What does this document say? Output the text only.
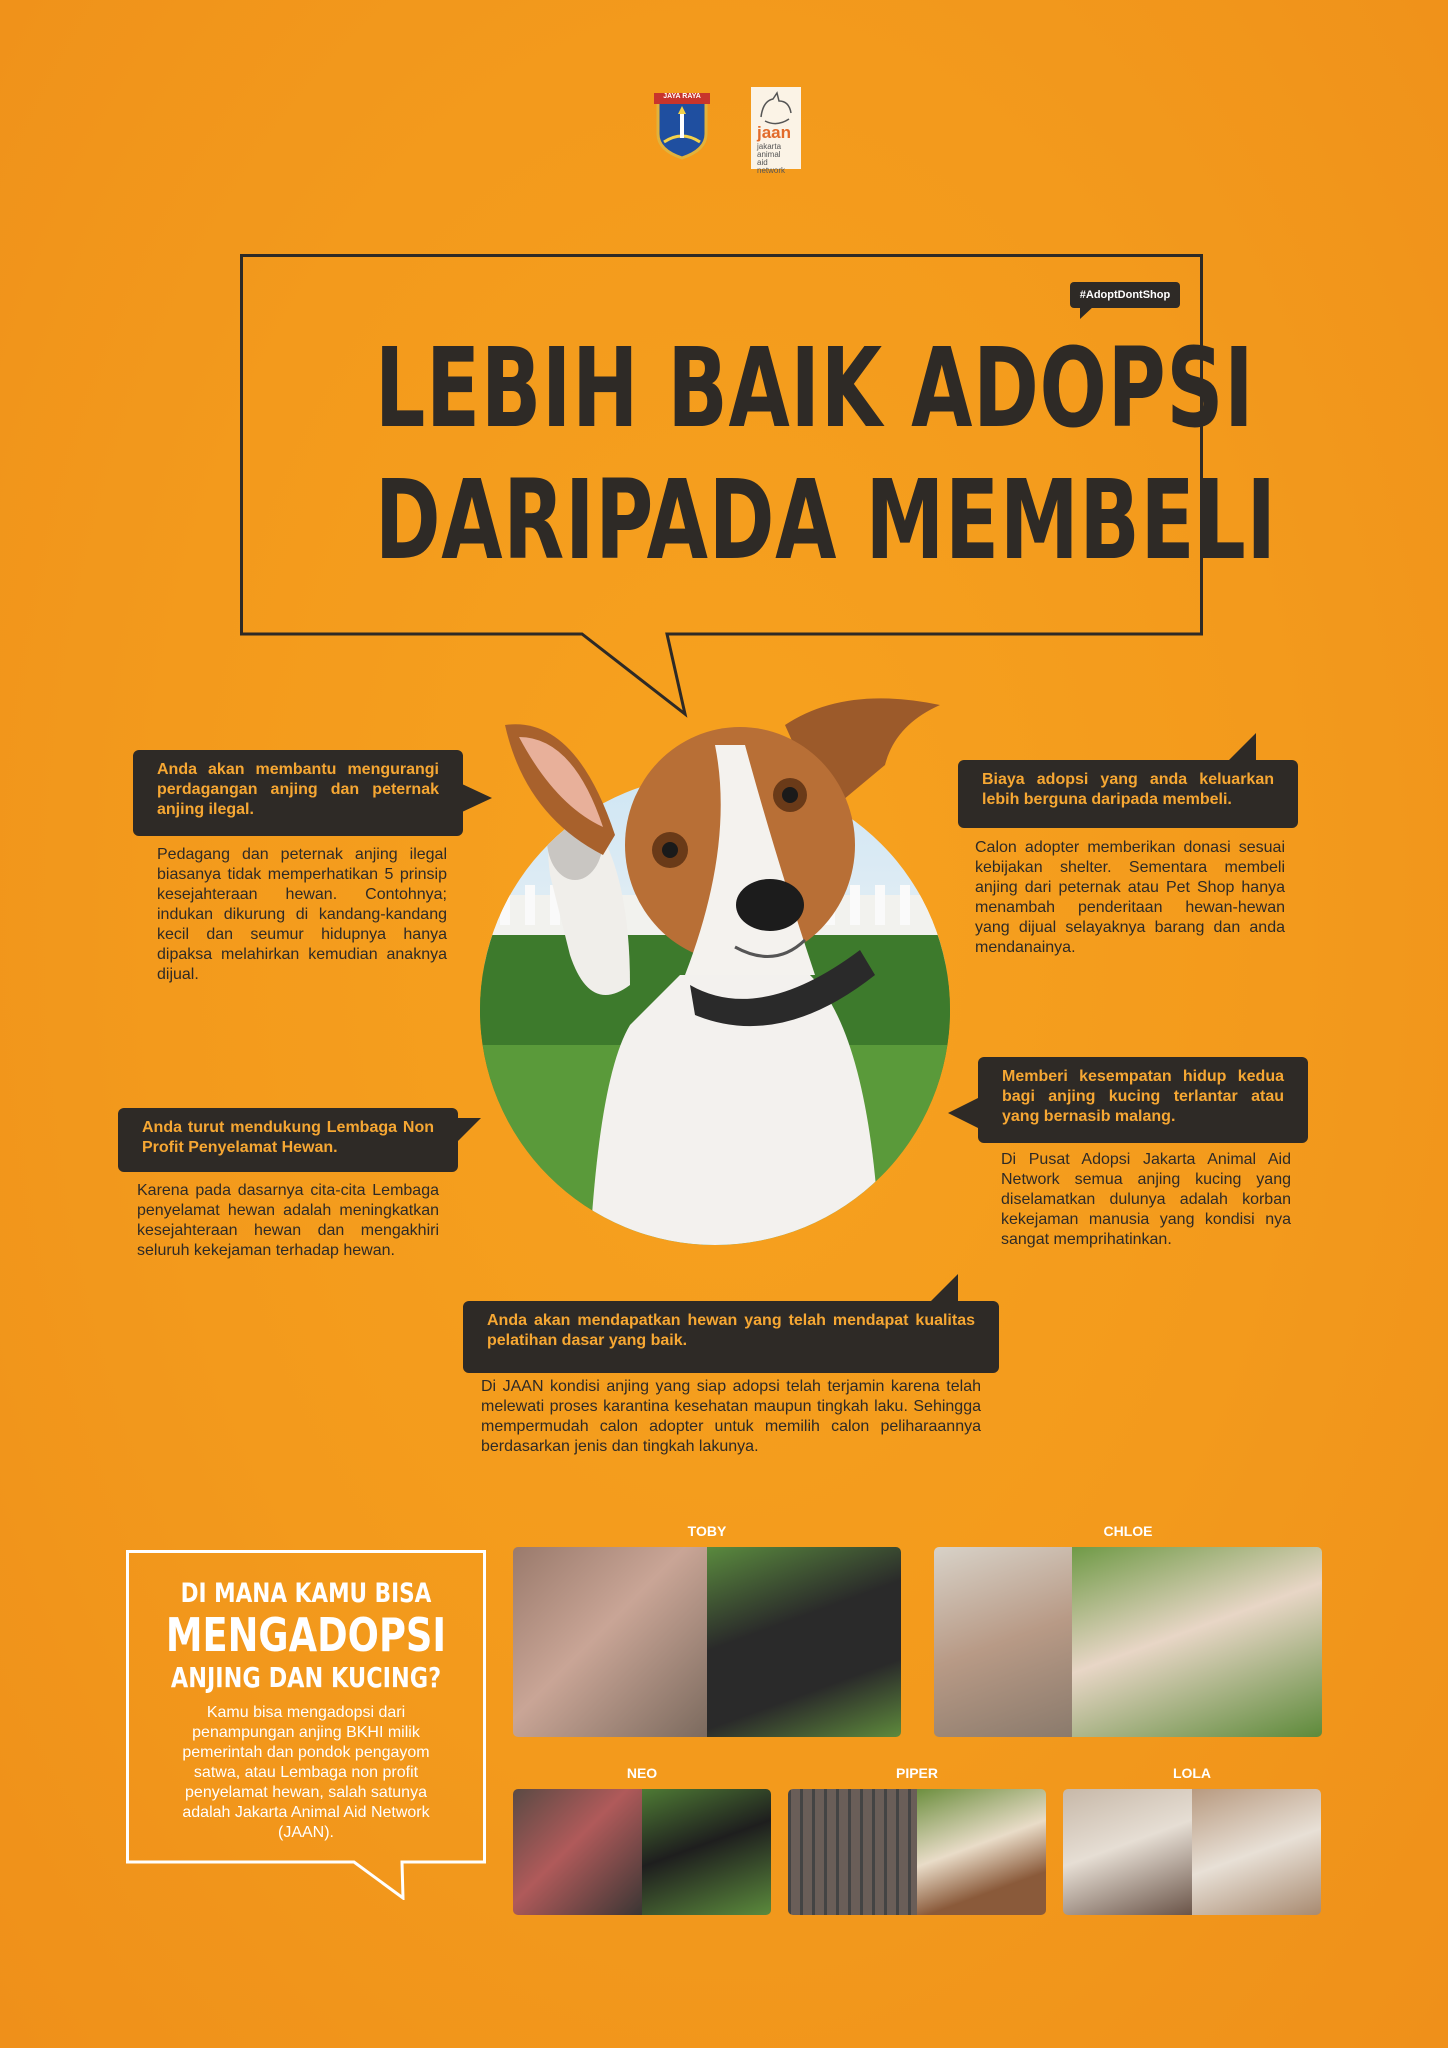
JAYA RAYA
jaan
jakarta
animal
aid
network
#AdoptDontShop
LEBIH BAIK ADOPSI
DARIPADA MEMBELI
Anda akan membantu mengurangi perdagangan anjing dan peternak anjing ilegal.
Pedagang dan peternak anjing ilegal biasanya tidak memperhatikan 5 prinsip kesejahteraan hewan. Contohnya; indukan dikurung di kandang-kandang kecil dan seumur hidupnya hanya dipaksa melahirkan kemudian anaknya dijual.
Biaya adopsi yang anda keluarkan lebih berguna daripada membeli.
Calon adopter memberikan donasi sesuai kebijakan shelter. Sementara membeli anjing dari peternak atau Pet Shop hanya menambah penderitaan hewan-hewan yang dijual selayaknya barang dan anda mendanainya.
Anda turut mendukung Lembaga Non Profit Penyelamat Hewan.
Karena pada dasarnya cita-cita Lembaga penyelamat hewan adalah meningkatkan kesejahteraan hewan dan mengakhiri seluruh kekejaman terhadap hewan.
Memberi kesempatan hidup kedua bagi anjing kucing terlantar atau yang bernasib malang.
Di Pusat Adopsi Jakarta Animal Aid Network semua anjing kucing yang diselamatkan dulunya adalah korban kekejaman manusia yang kondisi nya sangat memprihatinkan.
Anda akan mendapatkan hewan yang telah mendapat kualitas pelatihan dasar yang baik.
Di JAAN kondisi anjing yang siap adopsi telah terjamin karena telah melewati proses karantina kesehatan maupun tingkah laku. Sehingga mempermudah calon adopter untuk memilih calon peliharaannya berdasarkan jenis dan tingkah lakunya.
DI MANA KAMU BISA
MENGADOPSI
ANJING DAN KUCING?
Kamu bisa mengadopsi dari penampungan anjing BKHI milik pemerintah dan pondok pengayom satwa, atau Lembaga non profit penyelamat hewan, salah satunya adalah Jakarta Animal Aid Network (JAAN).
TOBY	CHLOE
NEO	PIPER	LOLA
